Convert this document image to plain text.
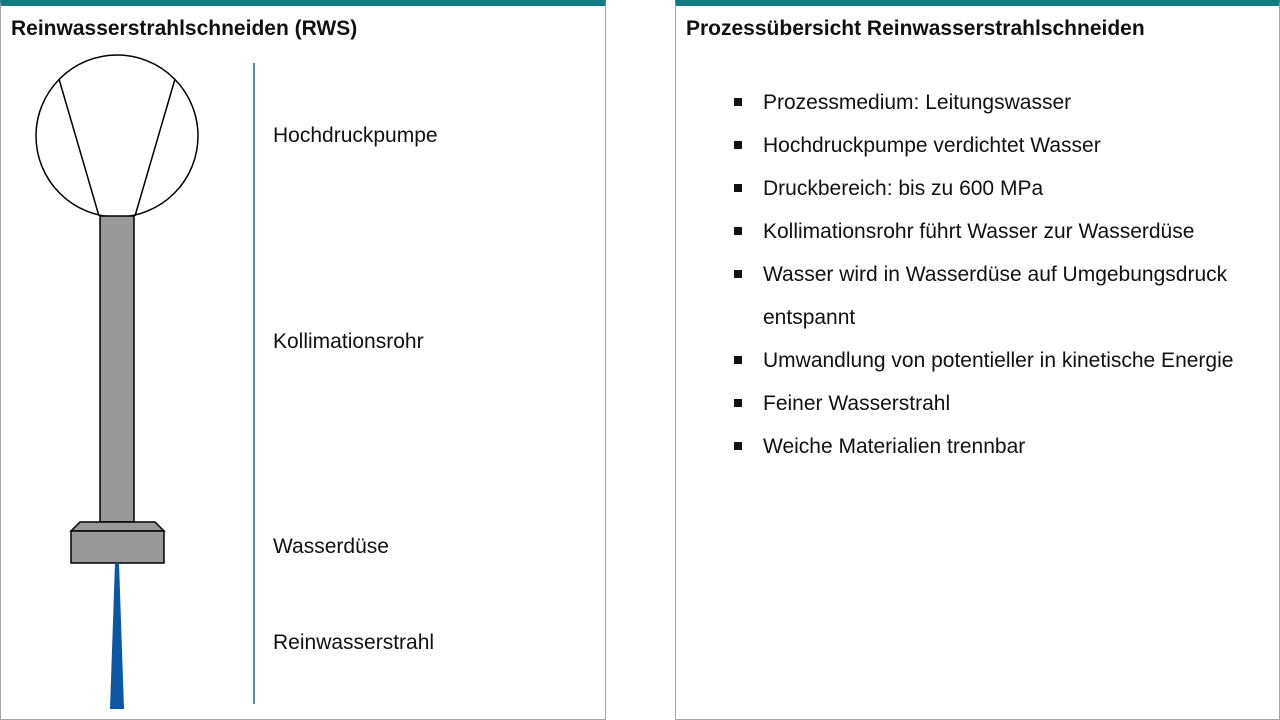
Reinwasserstrahlschneiden (RWS)
Hochdruckpumpe
Kollimationsrohr
Wasserdüse
Reinwasserstrahl
Prozessübersicht Reinwasserstrahlschneiden
Prozessmedium: Leitungswasser
Hochdruckpumpe verdichtet Wasser
Druckbereich: bis zu 600 MPa
Kollimationsrohr führt Wasser zur Wasserdüse
Wasser wird in Wasserdüse auf Umgebungsdruck entspannt
Umwandlung von potentieller in kinetische Energie
Feiner Wasserstrahl
Weiche Materialien trennbar
